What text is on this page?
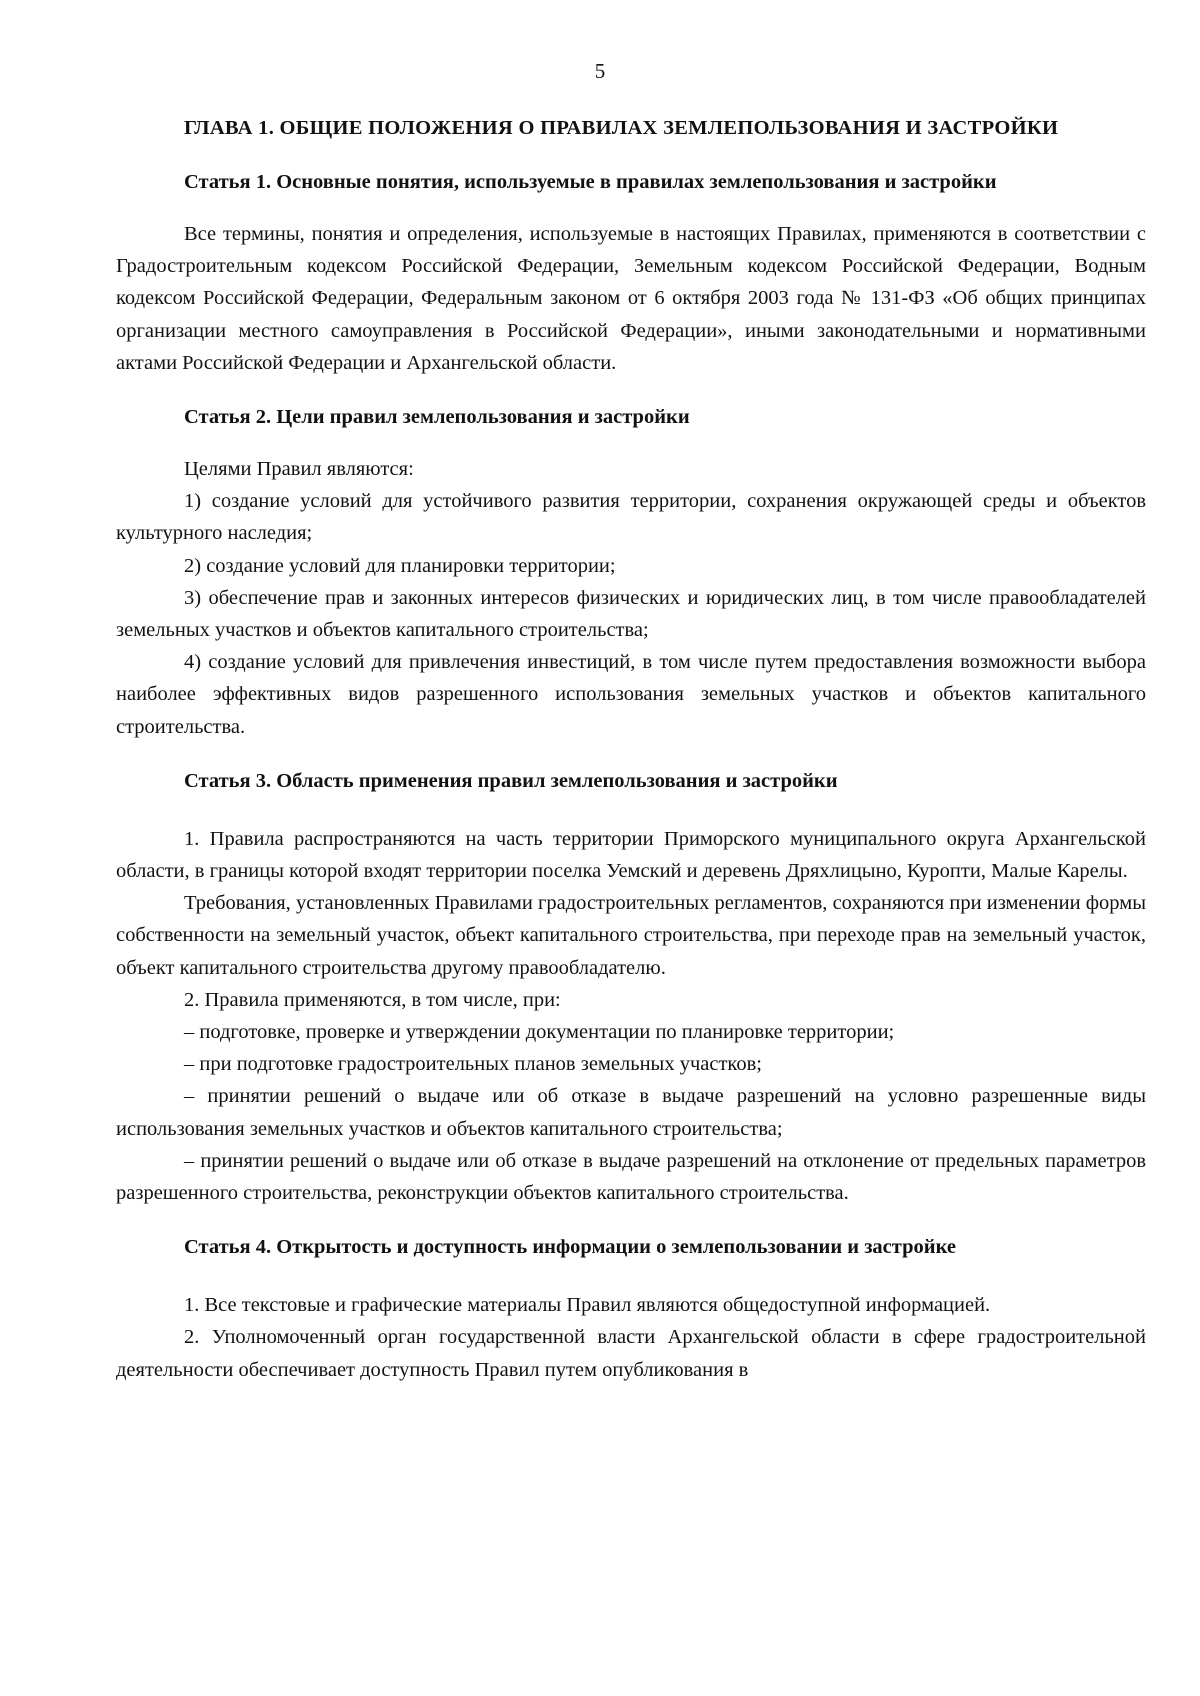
5
ГЛАВА 1. ОБЩИЕ ПОЛОЖЕНИЯ О ПРАВИЛАХ ЗЕМЛЕПОЛЬЗОВАНИЯ И ЗАСТРОЙКИ
Статья 1. Основные понятия, используемые в правилах землепользования и застройки

Все термины, понятия и определения, используемые в настоящих Правилах, применяются в соответствии с Градостроительным кодексом Российской Федерации, Земельным кодексом Российской Федерации, Водным кодексом Российской Федерации, Федеральным законом от 6 октября 2003 года № 131-ФЗ «Об общих принципах организации местного самоуправления в Российской Федерации», иными законодательными и нормативными актами Российской Федерации и Архангельской области.

Статья 2. Цели правил землепользования и застройки

Целями Правил являются:

1) создание условий для устойчивого развития территории, сохранения окружающей среды и объектов культурного наследия;

2) создание условий для планировки территории;

3) обеспечение прав и законных интересов физических и юридических лиц, в том числе правообладателей земельных участков и объектов капитального строительства;

4) создание условий для привлечения инвестиций, в том числе путем предоставления возможности выбора наиболее эффективных видов разрешенного использования земельных участков и объектов капитального строительства.

Статья 3. Область применения правил землепользования и застройки

1. Правила распространяются на часть территории Приморского муниципального округа Архангельской области, в границы которой входят территории поселка Уемский и деревень Дряхлицыно, Куропти, Малые Карелы.

Требования, установленных Правилами градостроительных регламентов, сохраняются при изменении формы собственности на земельный участок, объект капитального строительства, при переходе прав на земельный участок, объект капитального строительства другому правообладателю.

2. Правила применяются, в том числе, при:

– подготовке, проверке и утверждении документации по планировке территории;

– при подготовке градостроительных планов земельных участков;

– принятии решений о выдаче или об отказе в выдаче разрешений на условно разрешенные виды использования земельных участков и объектов капитального строительства;

– принятии решений о выдаче или об отказе в выдаче разрешений на отклонение от предельных параметров разрешенного строительства, реконструкции объектов капитального строительства.

Статья 4. Открытость и доступность информации о землепользовании и застройке

1. Все текстовые и графические материалы Правил являются общедоступной информацией.

2. Уполномоченный орган государственной власти Архангельской области в сфере градостроительной деятельности обеспечивает доступность Правил путем опубликования в
